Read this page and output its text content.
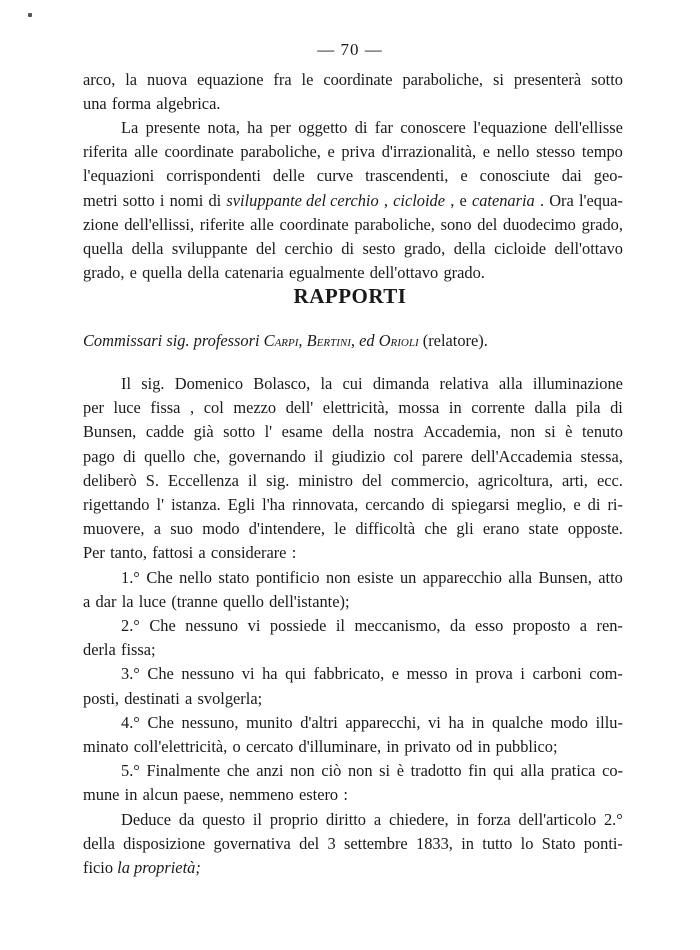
— 70 —
arco, la nuova equazione fra le coordinate paraboliche, si presenterà sotto
una forma algebrica.
La presente nota, ha per oggetto di far conoscere l'equazione dell'ellisse
riferita alle coordinate paraboliche, e priva d'irrazionalità, e nello stesso tempo
l'equazioni corrispondenti delle curve trascendenti, e conosciute dai geo-
metri sotto i nomi di sviluppante del cerchio , cicloide , e catenaria . Ora l'equa-
zione dell'ellissi, riferite alle coordinate paraboliche, sono del duodecimo grado,
quella della sviluppante del cerchio di sesto grado, della cicloide dell'ottavo
grado, e quella della catenaria egualmente dell'ottavo grado.
RAPPORTI
Commissari sig. professori Carpi, Bertini, ed Orioli (relatore).
Il sig. Domenico Bolasco, la cui dimanda relativa alla illuminazione
per luce fissa , col mezzo dell' elettricità, mossa in corrente dalla pila di
Bunsen, cadde già sotto l' esame della nostra Accademia, non si è tenuto
pago di quello che, governando il giudizio col parere dell'Accademia stessa,
deliberò S. Eccellenza il sig. ministro del commercio, agricoltura, arti, ecc.
rigettando l' istanza. Egli l'ha rinnovata, cercando di spiegarsi meglio, e di ri-
muovere, a suo modo d'intendere, le difficoltà che gli erano state opposte.
Per tanto, fattosi a considerare :
1.° Che nello stato pontificio non esiste un apparecchio alla Bunsen, atto
a dar la luce (tranne quello dell'istante);
2.° Che nessuno vi possiede il meccanismo, da esso proposto a ren-
derla fissa;
3.° Che nessuno vi ha qui fabbricato, e messo in prova i carboni com-
posti, destinati a svolgerla;
4.° Che nessuno, munito d'altri apparecchi, vi ha in qualche modo illu-
minato coll'elettricità, o cercato d'illuminare, in privato od in pubblico;
5.° Finalmente che anzi non ciò non si è tradotto fin qui alla pratica co-
mune in alcun paese, nemmeno estero :
Deduce da questo il proprio diritto a chiedere, in forza dell'articolo 2.°
della disposizione governativa del 3 settembre 1833, in tutto lo Stato ponti-
ficio
la proprietà;
